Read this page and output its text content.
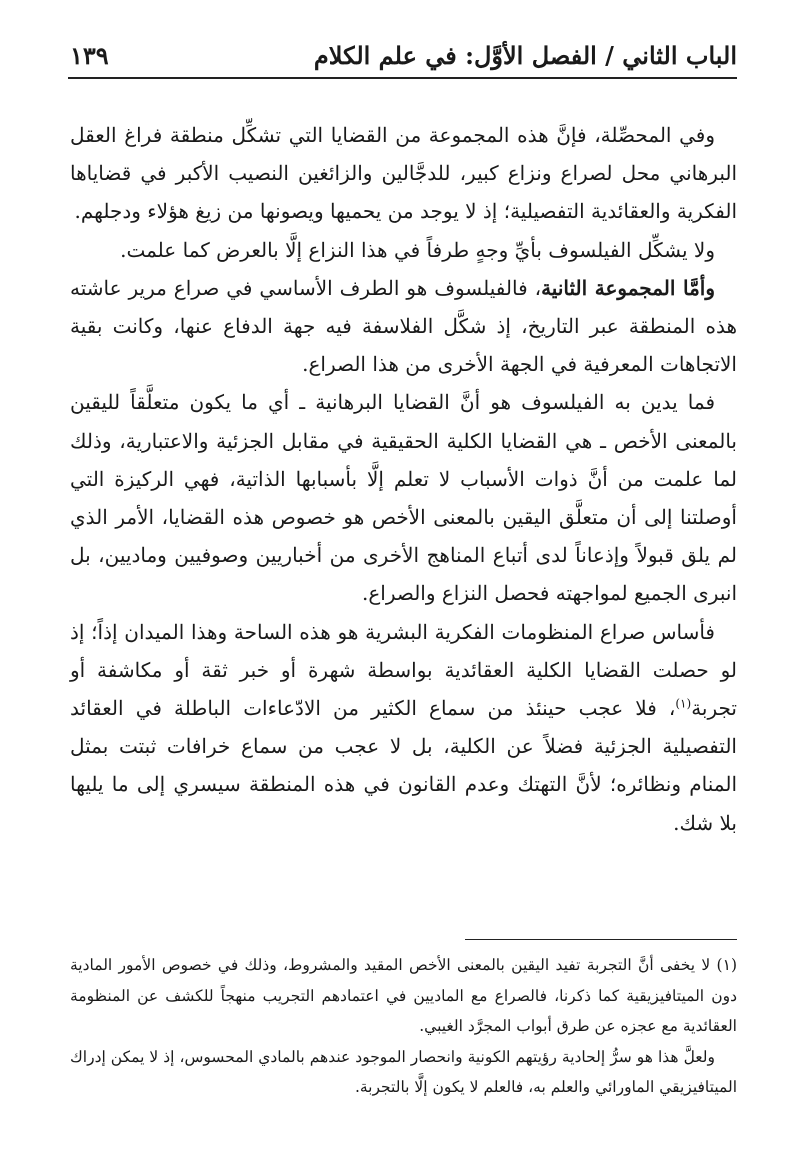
الباب الثاني / الفصل الأوَّل: في علم الكلام
١٣٩

وفي المحصِّلة، فإنَّ هذه المجموعة من القضايا التي تشكِّل منطقة فراغ العقل البرهاني محل لصراع ونزاع كبير، للدجَّالين والزائغين النصيب الأكبر في قضاياها الفكرية والعقائدية التفصيلية؛ إذ لا يوجد من يحميها ويصونها من زيغ هؤلاء ودجلهم.

ولا يشكِّل الفيلسوف بأيِّ وجهٍ طرفاً في هذا النزاع إلَّا بالعرض كما علمت.

وأمَّا المجموعة الثانية، فالفيلسوف هو الطرف الأساسي في صراع مرير عاشته هذه المنطقة عبر التاريخ، إذ شكَّل الفلاسفة فيه جهة الدفاع عنها، وكانت بقية الاتجاهات المعرفية في الجهة الأخرى من هذا الصراع.

فما يدين به الفيلسوف هو أنَّ القضايا البرهانية ـ أي ما يكون متعلَّقاً لليقين بالمعنى الأخص ـ هي القضايا الكلية الحقيقية في مقابل الجزئية والاعتبارية، وذلك لما علمت من أنَّ ذوات الأسباب لا تعلم إلَّا بأسبابها الذاتية، فهي الركيزة التي أوصلتنا إلى أن متعلَّق اليقين بالمعنى الأخص هو خصوص هذه القضايا، الأمر الذي لم يلق قبولاً وإذعاناً لدى أتباع المناهج الأخرى من أخباريين وصوفيين وماديين، بل انبرى الجميع لمواجهته فحصل النزاع والصراع.

فأساس صراع المنظومات الفكرية البشرية هو هذه الساحة وهذا الميدان إذاً؛ إذ لو حصلت القضايا الكلية العقائدية بواسطة شهرة أو خبر ثقة أو مكاشفة أو تجربة$^{(١)}$، فلا عجب حينئذ من سماع الكثير من الادّعاءات الباطلة في العقائد التفصيلية الجزئية فضلاً عن الكلية، بل لا عجب من سماع خرافات ثبتت بمثل المنام ونظائره؛ لأنَّ التهتك وعدم القانون في هذه المنطقة سيسري إلى ما يليها بلا شك.

(١) لا يخفى أنَّ التجربة تفيد اليقين بالمعنى الأخص المقيد والمشروط، وذلك في خصوص الأمور المادية دون الميتافيزيقية كما ذكرنا، فالصراع مع الماديين في اعتمادهم التجريب منهجاً للكشف عن المنظومة العقائدية مع عجزه عن طرق أبواب المجرَّد الغيبي.

ولعلَّ هذا هو سرُّ إلحادية رؤيتهم الكونية وانحصار الموجود عندهم بالمادي المحسوس، إذ لا يمكن إدراك الميتافيزيقي الماورائي والعلم به، فالعلم لا يكون إلَّا بالتجربة.
